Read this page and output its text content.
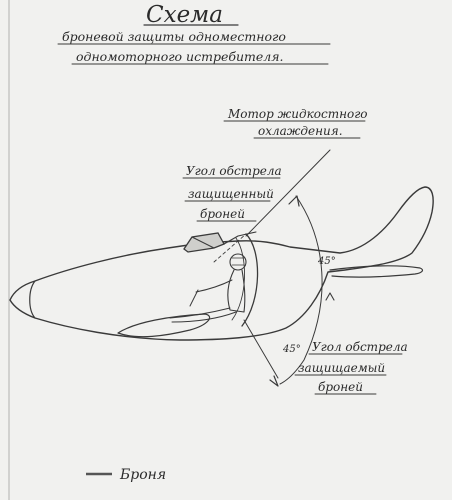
Схема
броневой защиты одноместного
одномоторного истребителя.
Мотор жидкостного
охлаждения.
Угол обстрела
защищенный
броней
45°
45° Угол обстрела
защищаемый
броней
Броня
